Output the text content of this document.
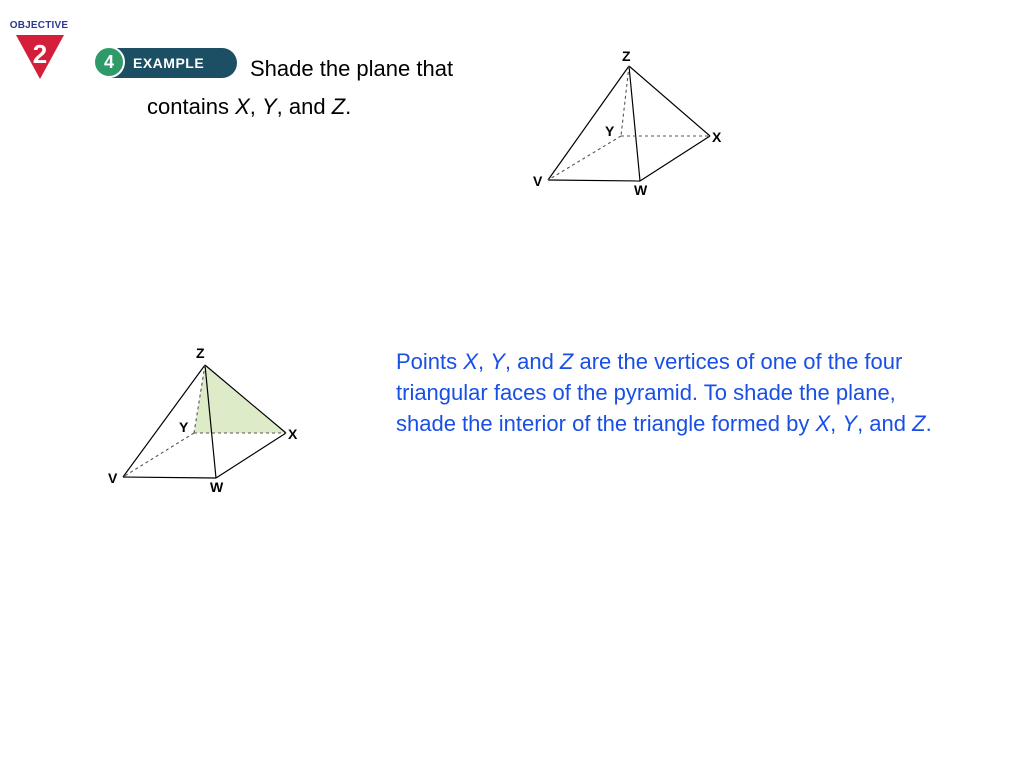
OBJECTIVE
2	4	EXAMPLE Shade the plane that
contains X, Y, and Z.
Z
Y	X
V
W
Z
Y	X
V
W
Points X, Y, and Z are the vertices of one of the four triangular faces of the pyramid. To shade the plane, shade the interior of the triangle formed by X, Y, and Z.
